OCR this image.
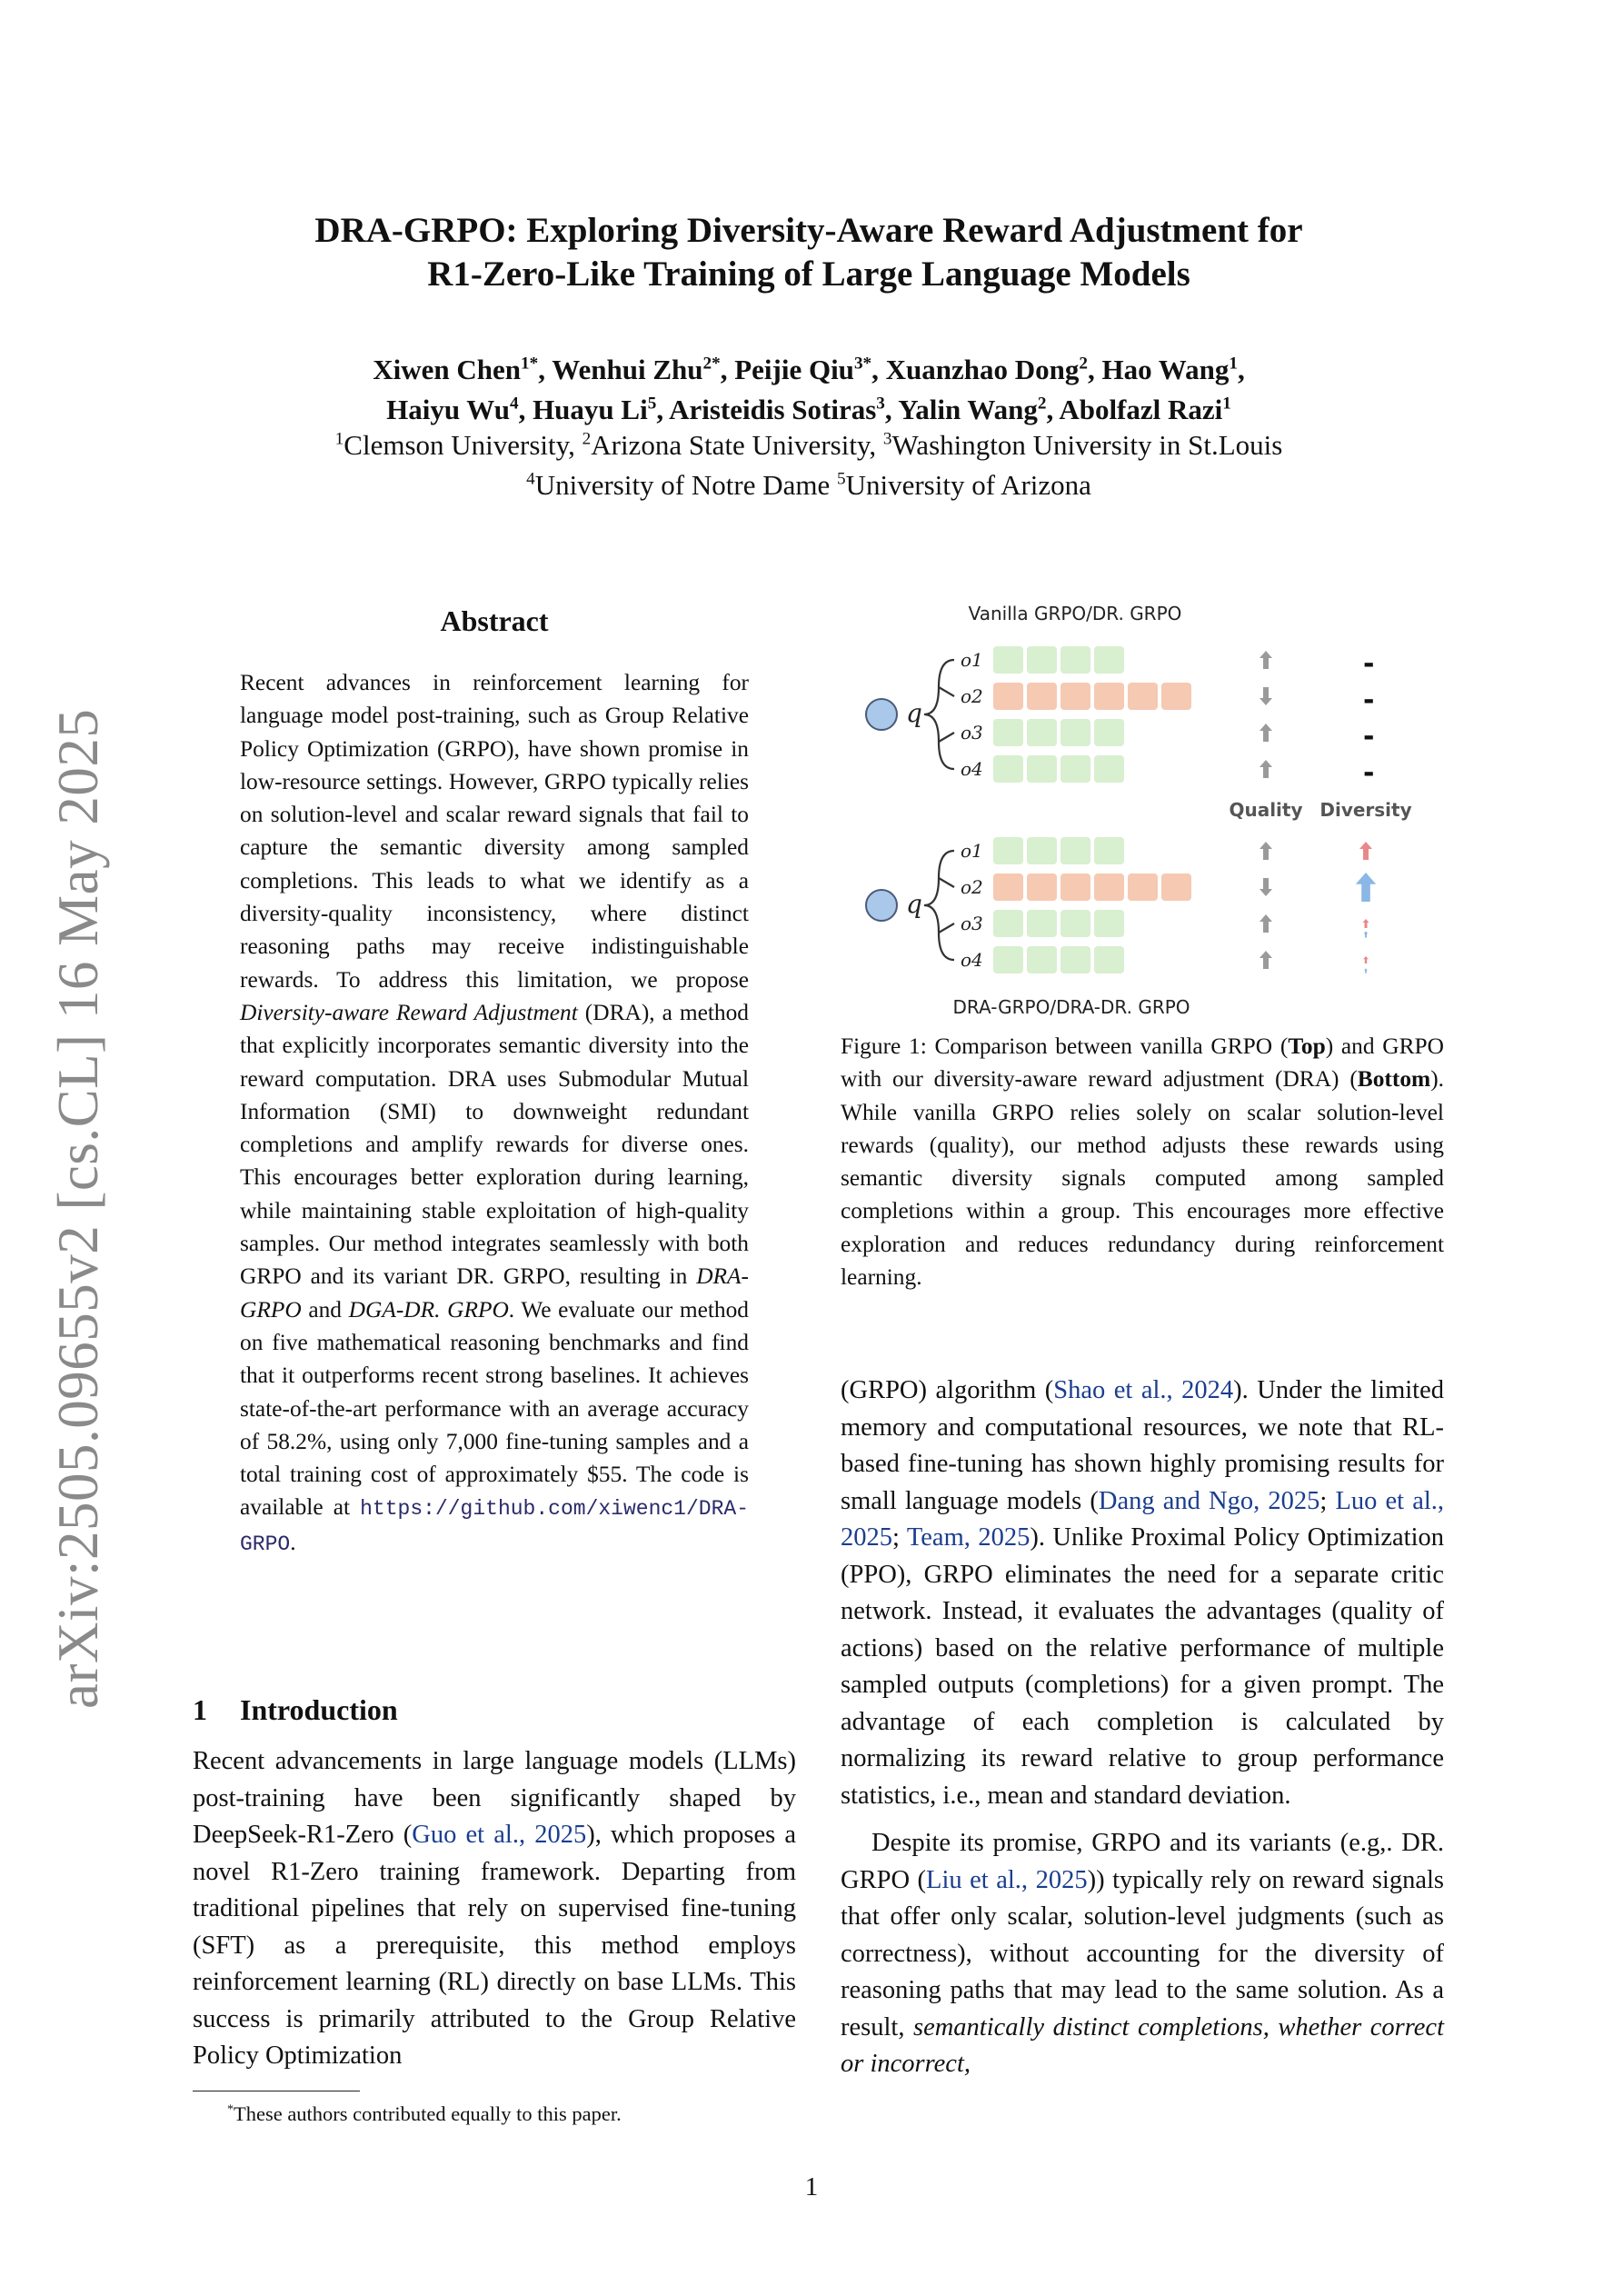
arXiv:2505.09655v2 [cs.CL] 16 May 2025
DRA-GRPO: Exploring Diversity-Aware Reward Adjustment for
R1-Zero-Like Training of Large Language Models
Xiwen Chen$^{1*}$, Wenhui Zhu$^{2*}$, Peijie Qiu$^{3*}$, Xuanzhao Dong$^2$, Hao Wang$^1$,
Haiyu Wu$^4$, Huayu Li$^5$, Aristeidis Sotiras$^3$, Yalin Wang$^2$, Abolfazl Razi$^1$
$^1$Clemson University, $^2$Arizona State University, $^3$Washington University in St.Louis
$^4$University of Notre Dame $^5$University of Arizona
Abstract
Recent advances in reinforcement learning for language model post-training, such as Group Relative Policy Optimization (GRPO), have shown promise in low-resource settings. However, GRPO typically relies on solution-level and scalar reward signals that fail to capture the semantic diversity among sampled completions. This leads to what we identify as a diversity-quality inconsistency, where distinct reasoning paths may receive indistinguishable rewards. To address this limitation, we propose Diversity-aware Reward Adjustment (DRA), a method that explicitly incorporates semantic diversity into the reward computation. DRA uses Submodular Mutual Information (SMI) to downweight redundant completions and amplify rewards for diverse ones. This encourages better exploration during learning, while maintaining stable exploitation of high-quality samples. Our method integrates seamlessly with both GRPO and its variant DR. GRPO, resulting in DRA-GRPO and DGA-DR. GRPO. We evaluate our method on five mathematical reasoning benchmarks and find that it outperforms recent strong baselines. It achieves state-of-the-art performance with an average accuracy of 58.2%, using only 7,000 fine-tuning samples and a total training cost of approximately $55. The code is available at https://github.com/xiwenc1/DRA-GRPO.
1 Introduction
Recent advancements in large language models (LLMs) post-training have been significantly shaped by DeepSeek-R1-Zero (Guo et al., 2025), which proposes a novel R1-Zero training framework. Departing from traditional pipelines that rely on supervised fine-tuning (SFT) as a prerequisite, this method employs reinforcement learning (RL) directly on base LLMs. This success is primarily attributed to the Group Relative Policy Optimization
*These authors contributed equally to this paper.
Vanilla GRPO/DR. GRPO
DRA-GRPO/DRA-DR. GRPO
Quality Diversity
q
o1	-
o2	-
o3	-
o4	-
q
o1
o2
o3
o4
Figure 1: Comparison between vanilla GRPO (Top) and GRPO with our diversity-aware reward adjustment (DRA) (Bottom). While vanilla GRPO relies solely on scalar solution-level rewards (quality), our method adjusts these rewards using semantic diversity signals computed among sampled completions within a group. This encourages more effective exploration and reduces redundancy during reinforcement learning.

(GRPO) algorithm (Shao et al., 2024). Under the limited memory and computational resources, we note that RL-based fine-tuning has shown highly promising results for small language models (Dang and Ngo, 2025; Luo et al., 2025; Team, 2025). Unlike Proximal Policy Optimization (PPO), GRPO eliminates the need for a separate critic network. Instead, it evaluates the advantages (quality of actions) based on the relative performance of multiple sampled outputs (completions) for a given prompt. The advantage of each completion is calculated by normalizing its reward relative to group performance statistics, i.e., mean and standard deviation.

Despite its promise, GRPO and its variants (e.g,. DR. GRPO (Liu et al., 2025)) typically rely on reward signals that offer only scalar, solution-level judgments (such as correctness), without accounting for the diversity of reasoning paths that may lead to the same solution. As a result, semantically distinct completions, whether correct or incorrect,

1
